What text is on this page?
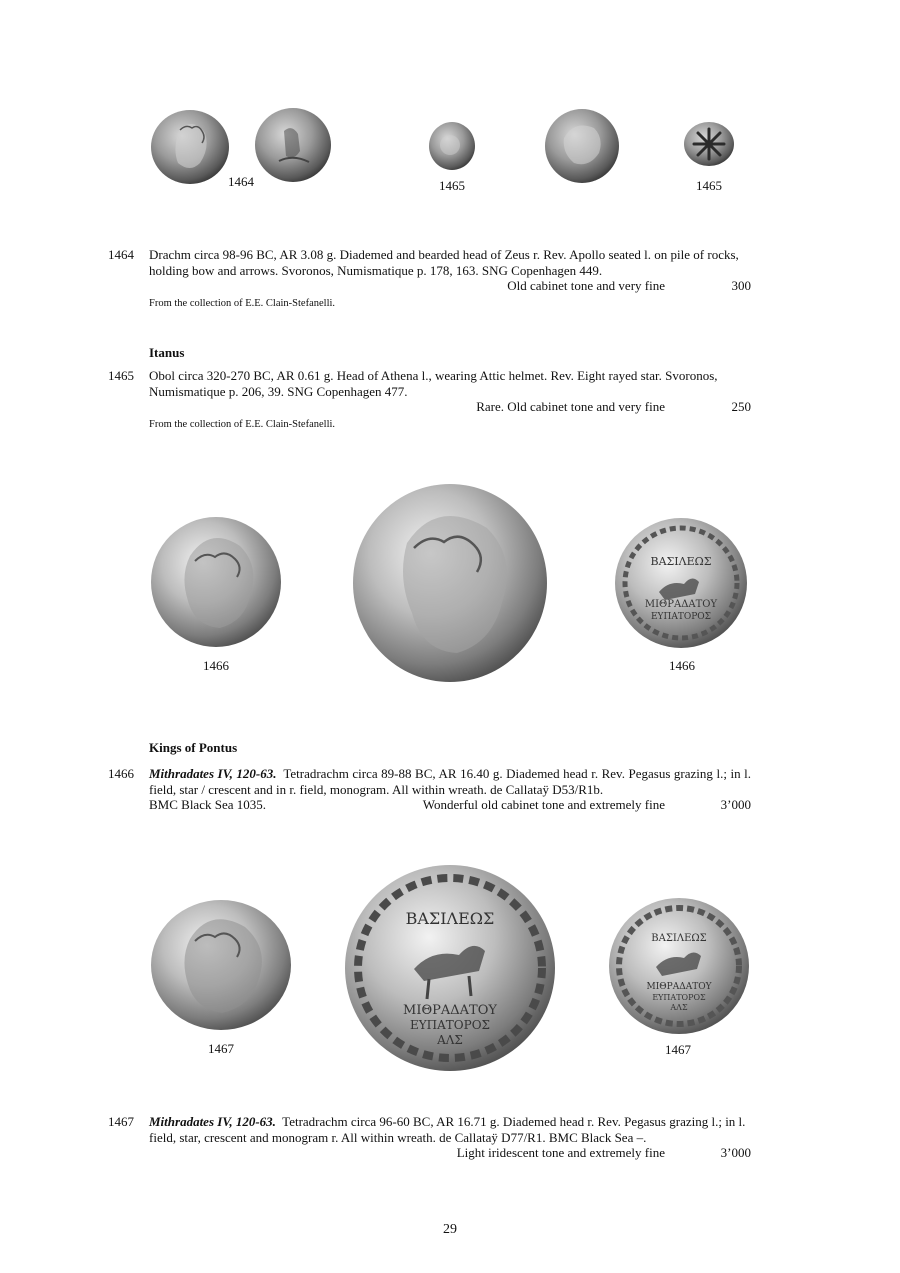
1464	1465	1465
1464 Drachm circa 98-96 BC, AR 3.08 g. Diademed and bearded head of Zeus r. Rev. Apollo seated l. on pile of rocks, holding bow and arrows. Svoronos, Numismatique p. 178, 163. SNG Copenhagen 449.

Old cabinet tone and very fine	300
From the collection of E.E. Clain-Stefanelli.
Itanus
1465 Obol circa 320-270 BC, AR 0.61 g. Head of Athena l., wearing Attic helmet. Rev. Eight rayed star. Svoronos, Numismatique p. 206, 39. SNG Copenhagen 477.

Rare. Old cabinet tone and very fine	250
From the collection of E.E. Clain-Stefanelli.
1466
ΒΑΣΙΛΕΩΣ
ΜΙΘΡΑΔΑΤΟΥ
ΕΥΠΑΤΟΡΟΣ
1466
Kings of Pontus
1466 Mithradates IV, 120-63. Tetradrachm circa 89-88 BC, AR 16.40 g. Diademed head r. Rev. Pegasus grazing l.; in l. field, star / crescent and in r. field, monogram. All within wreath. de Callataÿ D53/R1b.

BMC Black Sea 1035.	Wonderful old cabinet tone and extremely fine	3’000
1467
ΒΑΣΙΛΕΩΣ
ΜΙΘΡΑΔΑΤΟΥ
ΕΥΠΑΤΟΡΟΣ
ΑΛΣ
ΒΑΣΙΛΕΩΣ
ΜΙΘΡΑΔΑΤΟΥ
ΕΥΠΑΤΟΡΟΣ
ΑΛΣ
1467
1467 Mithradates IV, 120-63. Tetradrachm circa 96-60 BC, AR 16.71 g. Diademed head r. Rev. Pegasus grazing l.; in l. field, star, crescent and monogram r. All within wreath. de Callataÿ D77/R1. BMC Black Sea –.

Light iridescent tone and extremely fine	3’000
29
